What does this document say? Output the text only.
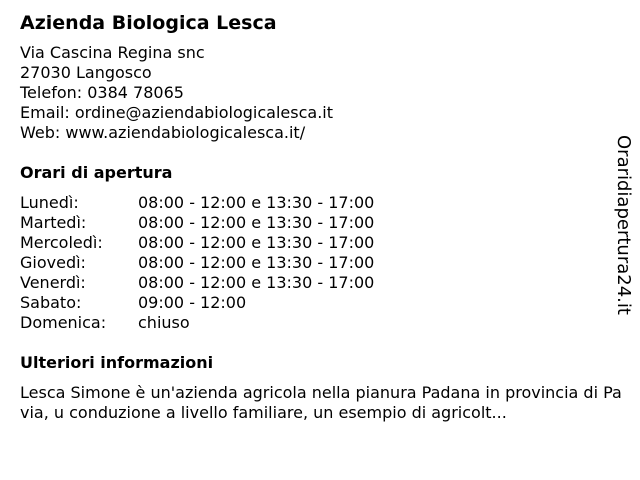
Azienda Biologica Lesca
Via Cascina Regina snc
27030 Langosco
Telefon: 0384 78065
Email: ordine@aziendabiologicalesca.it
Web: www.aziendabiologicalesca.it/
Orari di apertura
Lunedì:	08:00 - 12:00 e 13:30 - 17:00
Martedì:	08:00 - 12:00 e 13:30 - 17:00
Mercoledì:	08:00 - 12:00 e 13:30 - 17:00
Giovedì:	08:00 - 12:00 e 13:30 - 17:00
Venerdì:	08:00 - 12:00 e 13:30 - 17:00
Sabato:	09:00 - 12:00
Domenica:	chiuso
Ulteriori informazioni
Lesca Simone è un'azienda agricola nella pianura Padana in provincia di Pavia, u conduzione a livello familiare, un esempio di agricolt...
Oraridiapertura24.it
